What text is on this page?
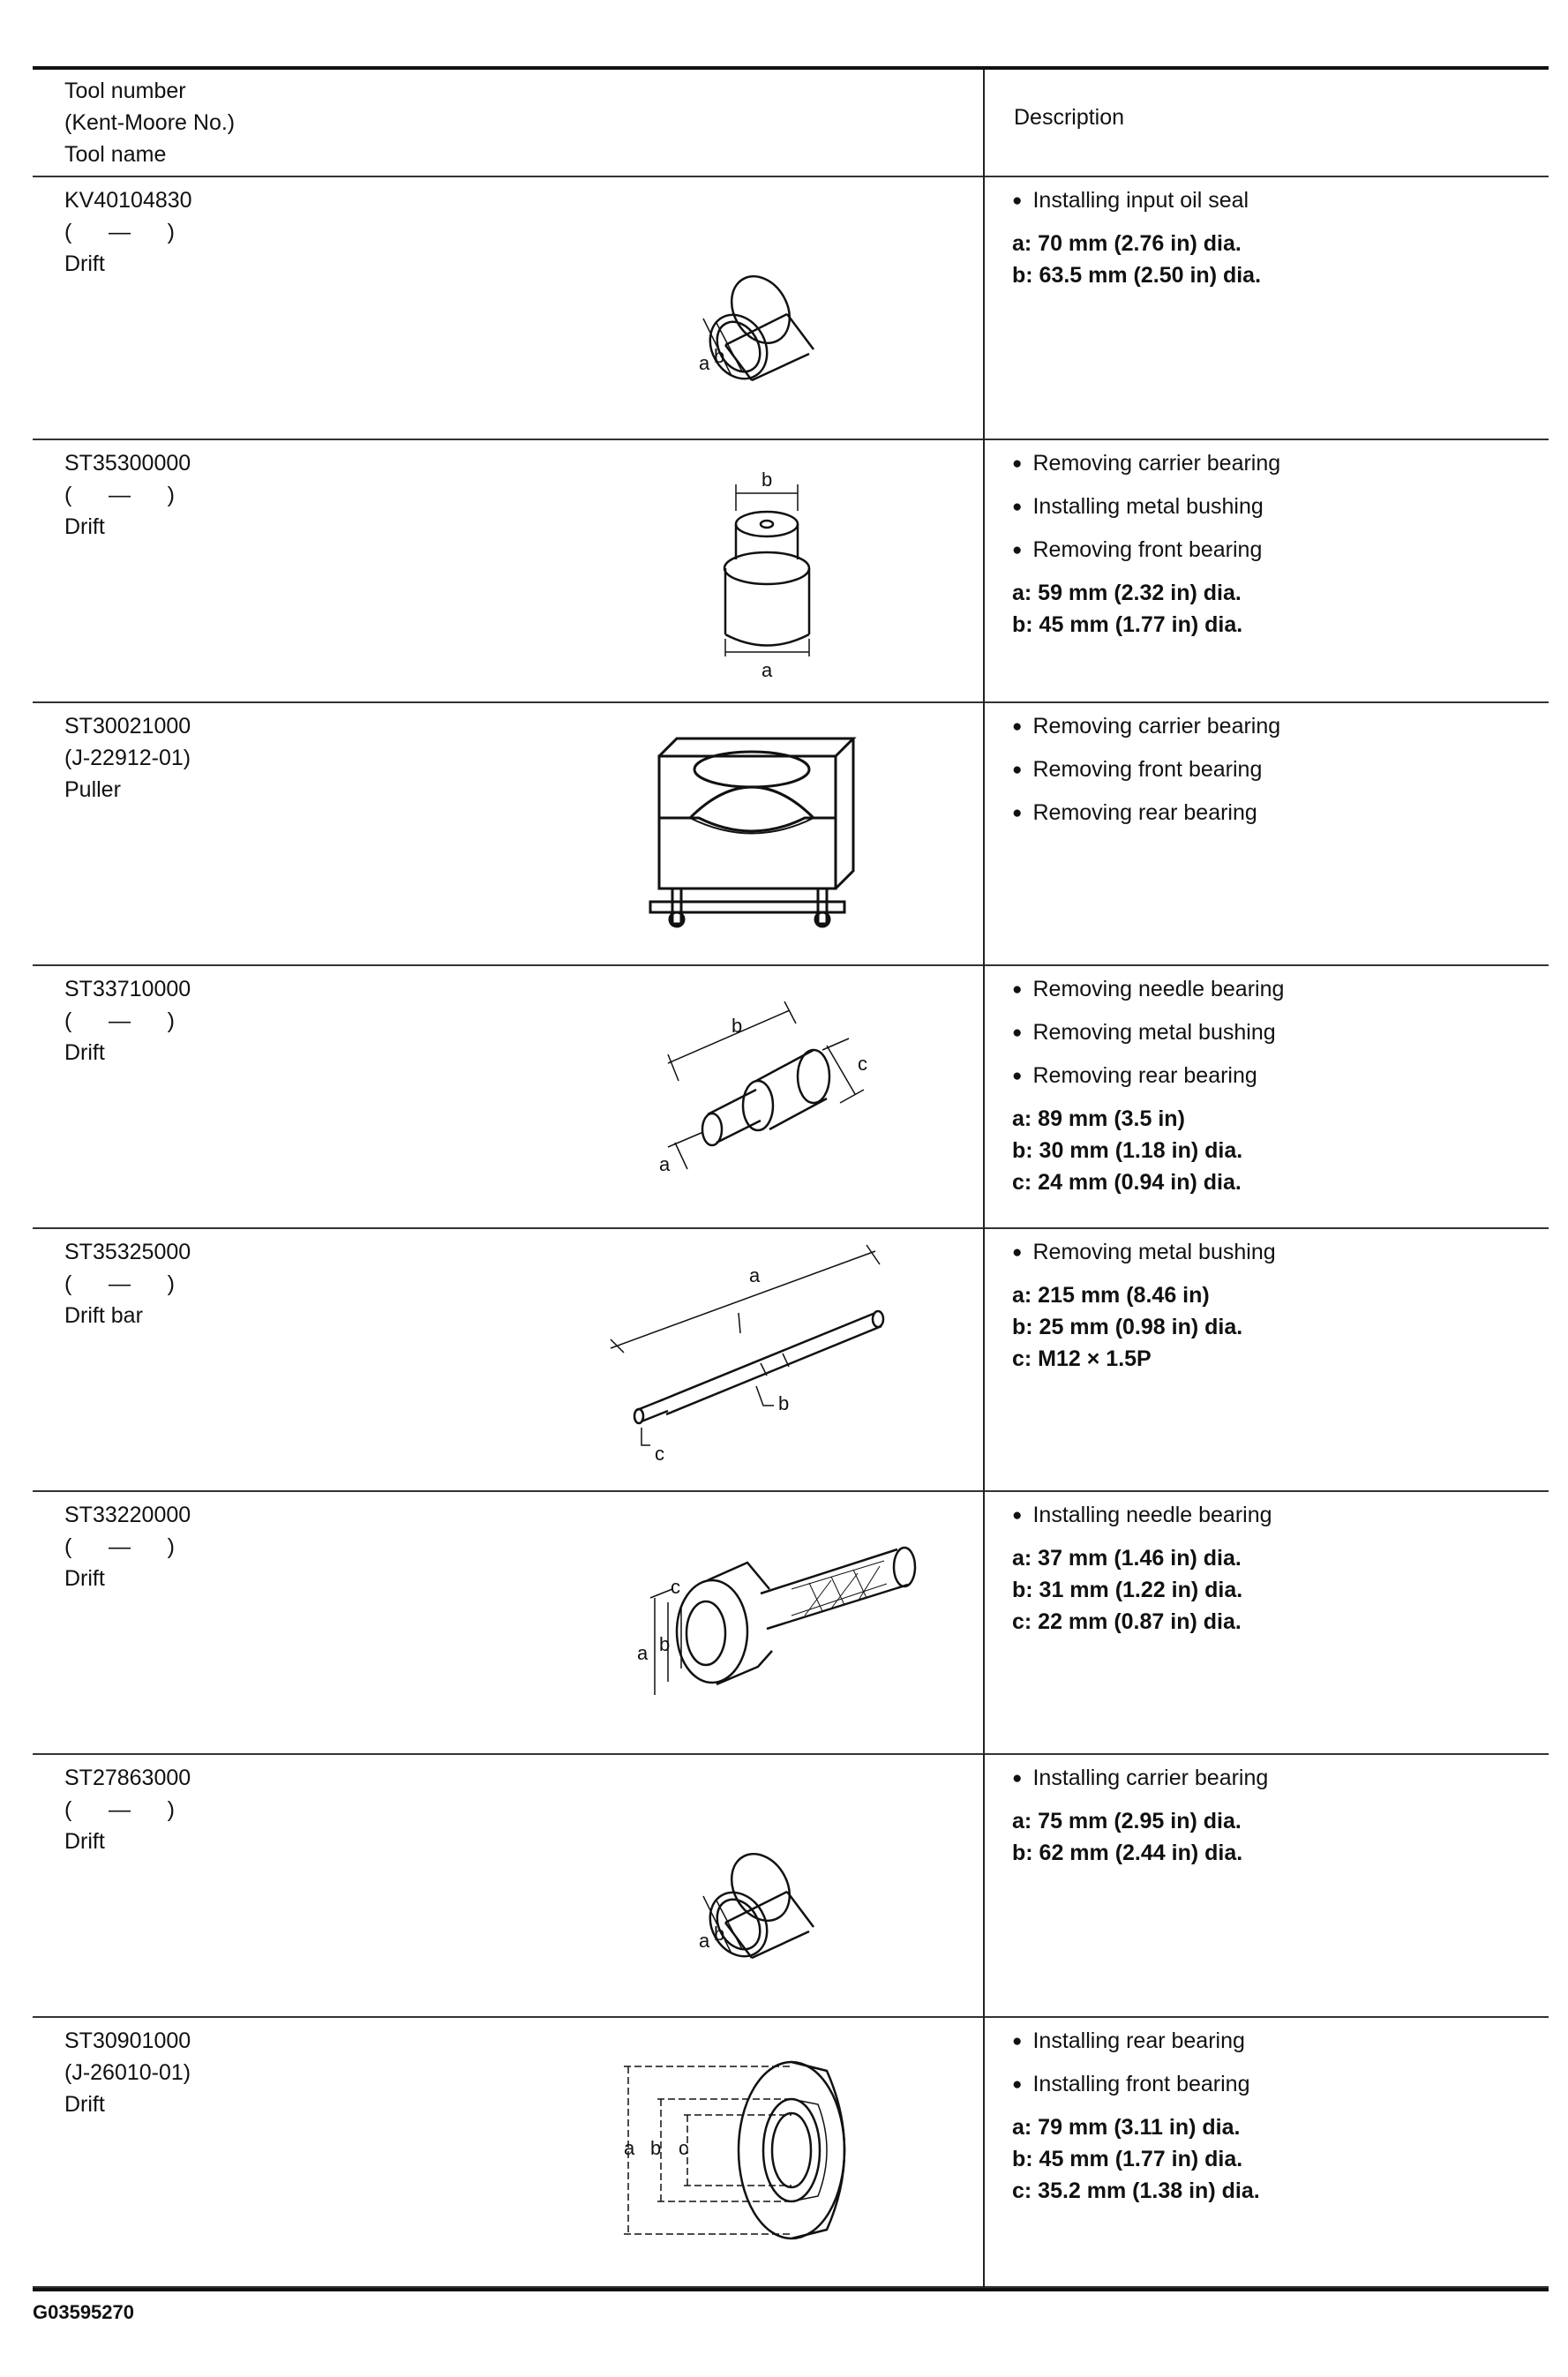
Tool number
(Kent-Moore No.)
Tool name
Description
KV40104830
(      —      )
Drift
a b
● Installing input oil seal
a: 70 mm (2.76 in) dia.
b: 63.5 mm (2.50 in) dia.
ST35300000
(      —      )
Drift
b
a
● Removing carrier bearing
● Installing metal bushing
● Removing front bearing
a: 59 mm (2.32 in) dia.
b: 45 mm (1.77 in) dia.
ST30021000
(J-22912-01)
Puller
● Removing carrier bearing
● Removing front bearing
● Removing rear bearing
ST33710000
(      —      )
Drift
b
c
a
● Removing needle bearing
● Removing metal bushing
● Removing rear bearing
a: 89 mm (3.5 in)
b: 30 mm (1.18 in) dia.
c: 24 mm (0.94 in) dia.
ST35325000
(      —      )
Drift bar
a
b
c
● Removing metal bushing
a: 215 mm (8.46 in)
b: 25 mm (0.98 in) dia.
c: M12 × 1.5P
ST33220000
(      —      )
Drift
a b
c
● Installing needle bearing
a: 37 mm (1.46 in) dia.
b: 31 mm (1.22 in) dia.
c: 22 mm (0.87 in) dia.
ST27863000
(      —      )
Drift
a b
● Installing carrier bearing
a: 75 mm (2.95 in) dia.
b: 62 mm (2.44 in) dia.
ST30901000
(J-26010-01)
Drift
a b c
● Installing rear bearing
● Installing front bearing
a: 79 mm (3.11 in) dia.
b: 45 mm (1.77 in) dia.
c: 35.2 mm (1.38 in) dia.
G03595270
